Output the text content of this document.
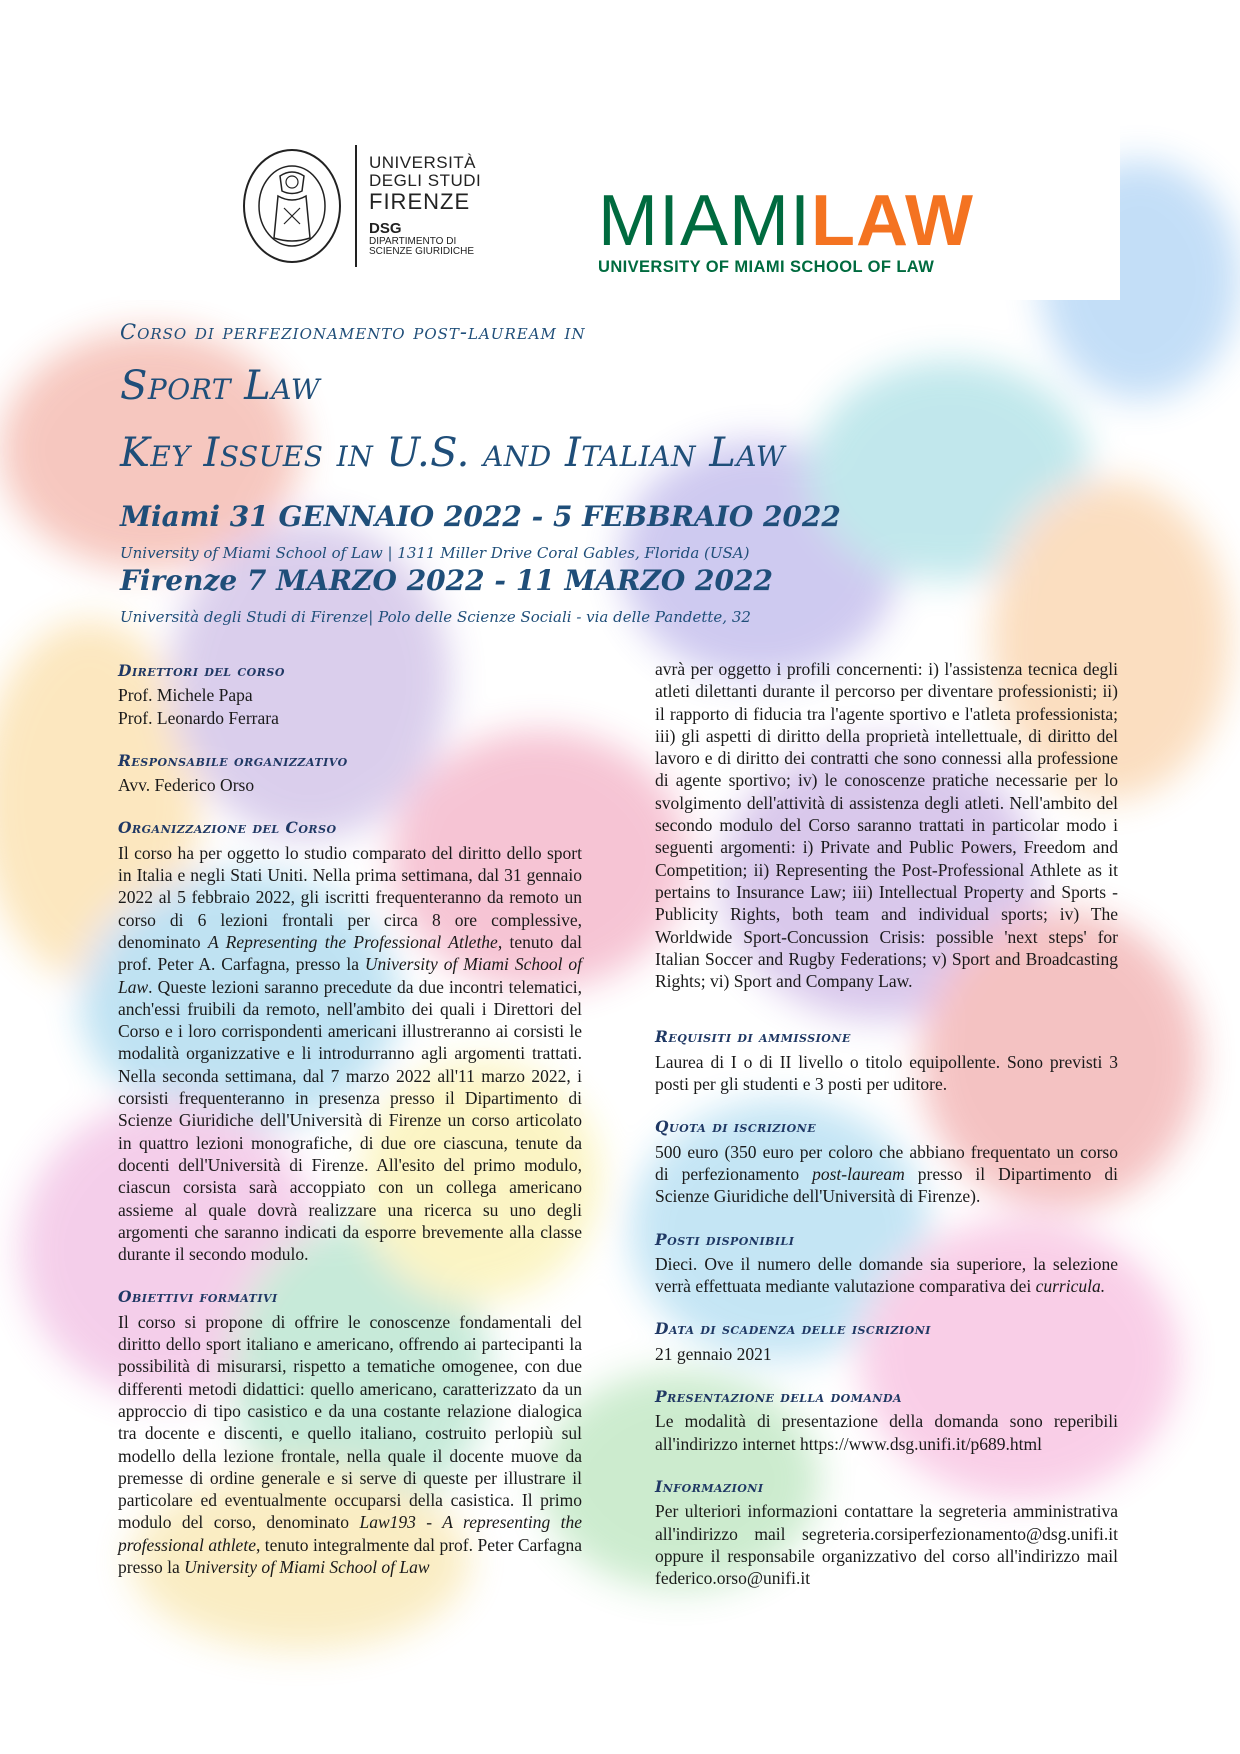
UNIVERSITÀ
DEGLI STUDI
FIRENZE
DSG
DIPARTIMENTO DI
SCIENZE GIURIDICHE MIAMILAW
UNIVERSITY OF MIAMI SCHOOL OF LAW
Corso di perfezionamento post-lauream in
Sport Law
Key Issues in U.S. and Italian Law
Miami 31 GENNAIO 2022 - 5 FEBBRAIO 2022
University of Miami School of Law | 1311 Miller Drive Coral Gables, Florida (USA)
Firenze 7 MARZO 2022 - 11 MARZO 2022
Università degli Studi di Firenze| Polo delle Scienze Sociali - via delle Pandette, 32
Direttori del corso
Prof. Michele Papa
Prof. Leonardo Ferrara
Responsabile organizzativo
Avv. Federico Orso
Organizzazione del Corso

Il corso ha per oggetto lo studio comparato del diritto dello sport in Italia e negli Stati Uniti. Nella prima settimana, dal 31 gennaio 2022 al 5 febbraio 2022, gli iscritti frequenteranno da remoto un corso di 6 lezioni frontali per circa 8 ore complessive, denominato A Representing the Professional Atlethe, tenuto dal prof. Peter A. Carfagna, presso la University of Miami School of Law. Queste lezioni saranno precedute da due incontri telematici, anch'essi fruibili da remoto, nell'ambito dei quali i Direttori del Corso e i loro corrispondenti americani illustreranno ai corsisti le modalità organizzative e li introdurranno agli argomenti trattati. Nella seconda settimana, dal 7 marzo 2022 all'11 marzo 2022, i corsisti frequenteranno in presenza presso il Dipartimento di Scienze Giuridiche dell'Università di Firenze un corso articolato in quattro lezioni monografiche, di due ore ciascuna, tenute da docenti dell'Università di Firenze. All'esito del primo modulo, ciascun corsista sarà accoppiato con un collega americano assieme al quale dovrà realizzare una ricerca su uno degli argomenti che saranno indicati da esporre brevemente alla classe durante il secondo modulo.

Obiettivi formativi

Il corso si propone di offrire le conoscenze fondamentali del diritto dello sport italiano e americano, offrendo ai partecipanti la possibilità di misurarsi, rispetto a tematiche omogenee, con due differenti metodi didattici: quello americano, caratterizzato da un approccio di tipo casistico e da una costante relazione dialogica tra docente e discenti, e quello italiano, costruito perlopiù sul modello della lezione frontale, nella quale il docente muove da premesse di ordine generale e si serve di queste per illustrare il particolare ed eventualmente occuparsi della casistica. Il primo modulo del corso, denominato Law193 - A representing the professional athlete, tenuto integralmente dal prof. Peter Carfagna presso la University of Miami School of Law

avrà per oggetto i profili concernenti: i) l'assistenza tecnica degli atleti dilettanti durante il percorso per diventare professionisti; ii) il rapporto di fiducia tra l'agente sportivo e l'atleta professionista; iii) gli aspetti di diritto della proprietà intellettuale, di diritto del lavoro e di diritto dei contratti che sono connessi alla professione di agente sportivo; iv) le conoscenze pratiche necessarie per lo svolgimento dell'attività di assistenza degli atleti. Nell'ambito del secondo modulo del Corso saranno trattati in particolar modo i seguenti argomenti: i) Private and Public Powers, Freedom and Competition; ii) Representing the Post-Professional Athlete as it pertains to Insurance Law; iii) Intellectual Property and Sports - Publicity Rights, both team and individual sports; iv) The Worldwide Sport-Concussion Crisis: possible 'next steps' for Italian Soccer and Rugby Federations; v) Sport and Broadcasting Rights; vi) Sport and Company Law.

Requisiti di ammissione

Laurea di I o di II livello o titolo equipollente. Sono previsti 3 posti per gli studenti e 3 posti per uditore.

Quota di iscrizione

500 euro (350 euro per coloro che abbiano frequentato un corso di perfezionamento post-lauream presso il Dipartimento di Scienze Giuridiche dell'Università di Firenze).

Posti disponibili

Dieci. Ove il numero delle domande sia superiore, la selezione verrà effettuata mediante valutazione comparativa dei curricula.

Data di scadenza delle iscrizioni

21 gennaio 2021

Presentazione della domanda

Le modalità di presentazione della domanda sono reperibili all'indirizzo internet https://www.dsg.unifi.it/p689.html

Informazioni

Per ulteriori informazioni contattare la segreteria amministrativa all'indirizzo mail segreteria.corsiperfezionamento@dsg.unifi.it oppure il responsabile organizzativo del corso all'indirizzo mail federico.orso@unifi.it
